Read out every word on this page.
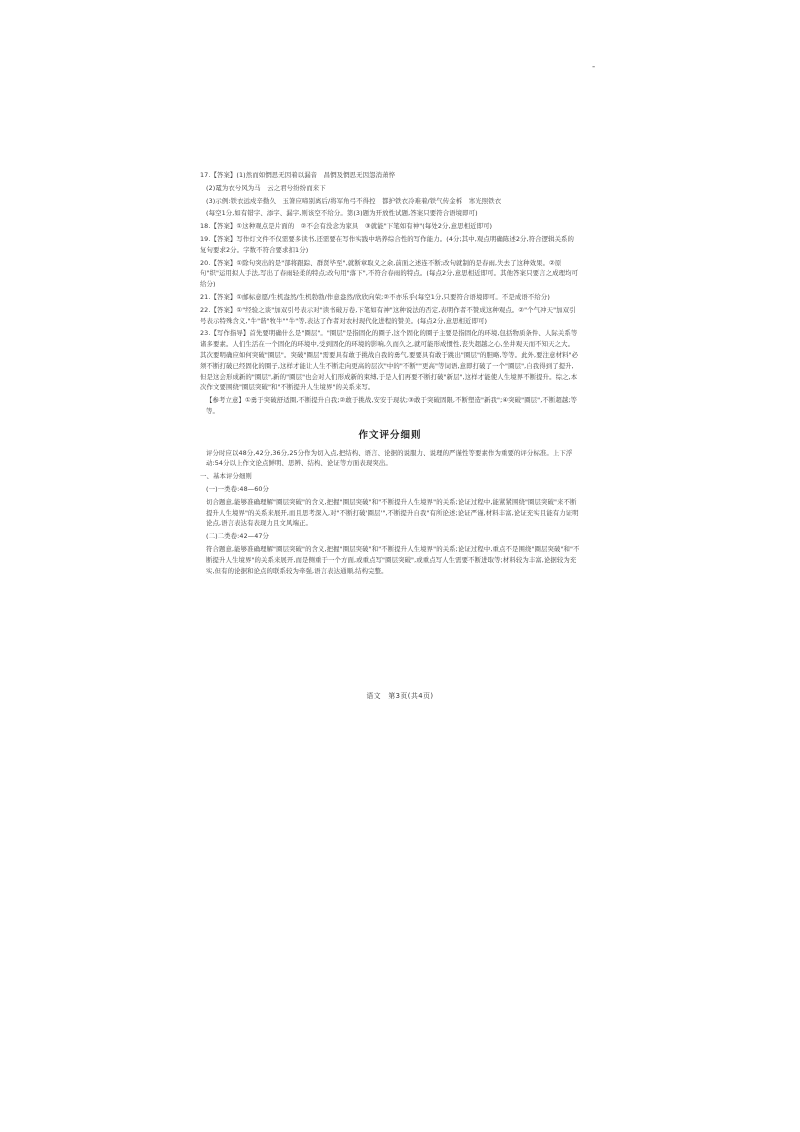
-
17.【答案】(1)然而如惘思无因着以漏音　昌惘及惘思无因怨消萧悴
(2)鼋为衣兮风为马　云之君兮纷纷而来下
(3)示例:铁衣远戍辛勤久　玉箸应啼别离后/将军角弓不得控　都护铁衣冷难着/铁气传金柝　寒光照铁衣
(每空1分,如有错字、添字、漏字,则该空不给分。第(3)题为开放性试题,答案只要符合语境即可)
18.【答案】①这种观点是片面的　②不会有没念为家具　③就能"下笔如有神"(每处2分,意思相近即可)
19.【答案】写作灯文件不仅需要多读书,还需要在写作实践中培养综合性的写作能力。(4分;其中,观点明确陈述2分,符合逻辑关系的复句要求2分。字数不符合要求扣1分)
20.【答案】①除句突出的是"部将跟踪、群贤毕至",就断章取义之余,前面之述连不断;改句就制的是春雨,失去了这种效果。②原句"织"运用拟人手法,写出了春雨轻柔的特点;改句用"落下",不符合春雨的特点。(每点2分,意思相近即可。其他答案只要言之成理均可给分)
21.【答案】①邮标意愿/生机盎然/生机勃勃/作意盎然/欣欣向荣;②不亦乐乎(每空1分,只要符合语境即可。不是成语不给分)
22.【答案】①"经验之谈"加双引号表示对"读书破万卷,下笔如有神"这种说法的否定,表明作者不赞成这种观点。②"个气冲天"加双引号表示特殊含义,"牛"谐"牧牛""牛"等,表达了作者对农村现代化进程的赞美。(每点2分,意思相近即可)
23.【写作指导】首先要明确什么是"圈层"。"圈层"是指固化的圈子,这个固化的圈子主要是指固化的环境,包括物质条件、人际关系等诸多要素。人们生活在一个固化的环境中,受到固化的环境的影响,久而久之,就可能形成惯性,丧失超越之心,坐井观天而不知天之大。其次要明确应如何突破"圈层"。突破"圈层"需要具有敢于挑战自我的勇气,要要具有敢于跳出"圈层"的胆略,等等。此外,要注意材料"必须不断打破已经固化的圈子,这样才能让人生不断走向更高的层次"中的"不断""更高"等词语,意即打破了一个"圈层",自我得到了提升,但是这会形成新的"圈层",新的"圈层"也会对人们形成新的束缚,于是人们再要不断打破"新层",这样才能使人生境界不断提升。综之,本次作文要围绕"圈层突破"和"不断提升人生境界"的关系来写。
【参考立意】①勇于突破舒适圈,不断提升自我;②敢于挑战,安安于现状;③敢于突破固限,不断塑造"新我";④突破"圈层",不断超越;等等。
作文评分细则
评分时应以48分,42分,36分,25分作为切入点,把结构、语言、论据的说服力、说理的严谨性等要素作为重要的评分标准。上下浮动:54分以上作文论点鲜明、思辨、结构、论证等方面表现突出。
一、基本评分细则
(一)一类卷:48—60分
切合题意,能够准确理解"圈层突破"的含义,把握"圈层突破"和"不断提升人生境界"的关系;论证过程中,能紧紧围绕"圈层突破"来不断提升人生境界"的关系来展开,而且思考深入,对"不断打破'圈层'",不断提升自我"有所论述;论证严谨,材料丰富,论证充实且能有力证明论点,语言表达有表现力且文风端正。
(二)二类卷:42—47分
符合题意,能够准确理解"圈层突破"的含义,把握"圈层突破"和"不断提升人生境界"的关系;论证过程中,重点不是围绕"圈层突破"和"不断提升人生境界"的关系来展开,而是侧重于一个方面,或重点写"圈层突破",或重点写人生需要不断进取等;材料较为丰富,论据较为充实,但有的论据和论点的联系较为牵强,语言表达通顺,结构完整。
语文　第3页(共4页)
